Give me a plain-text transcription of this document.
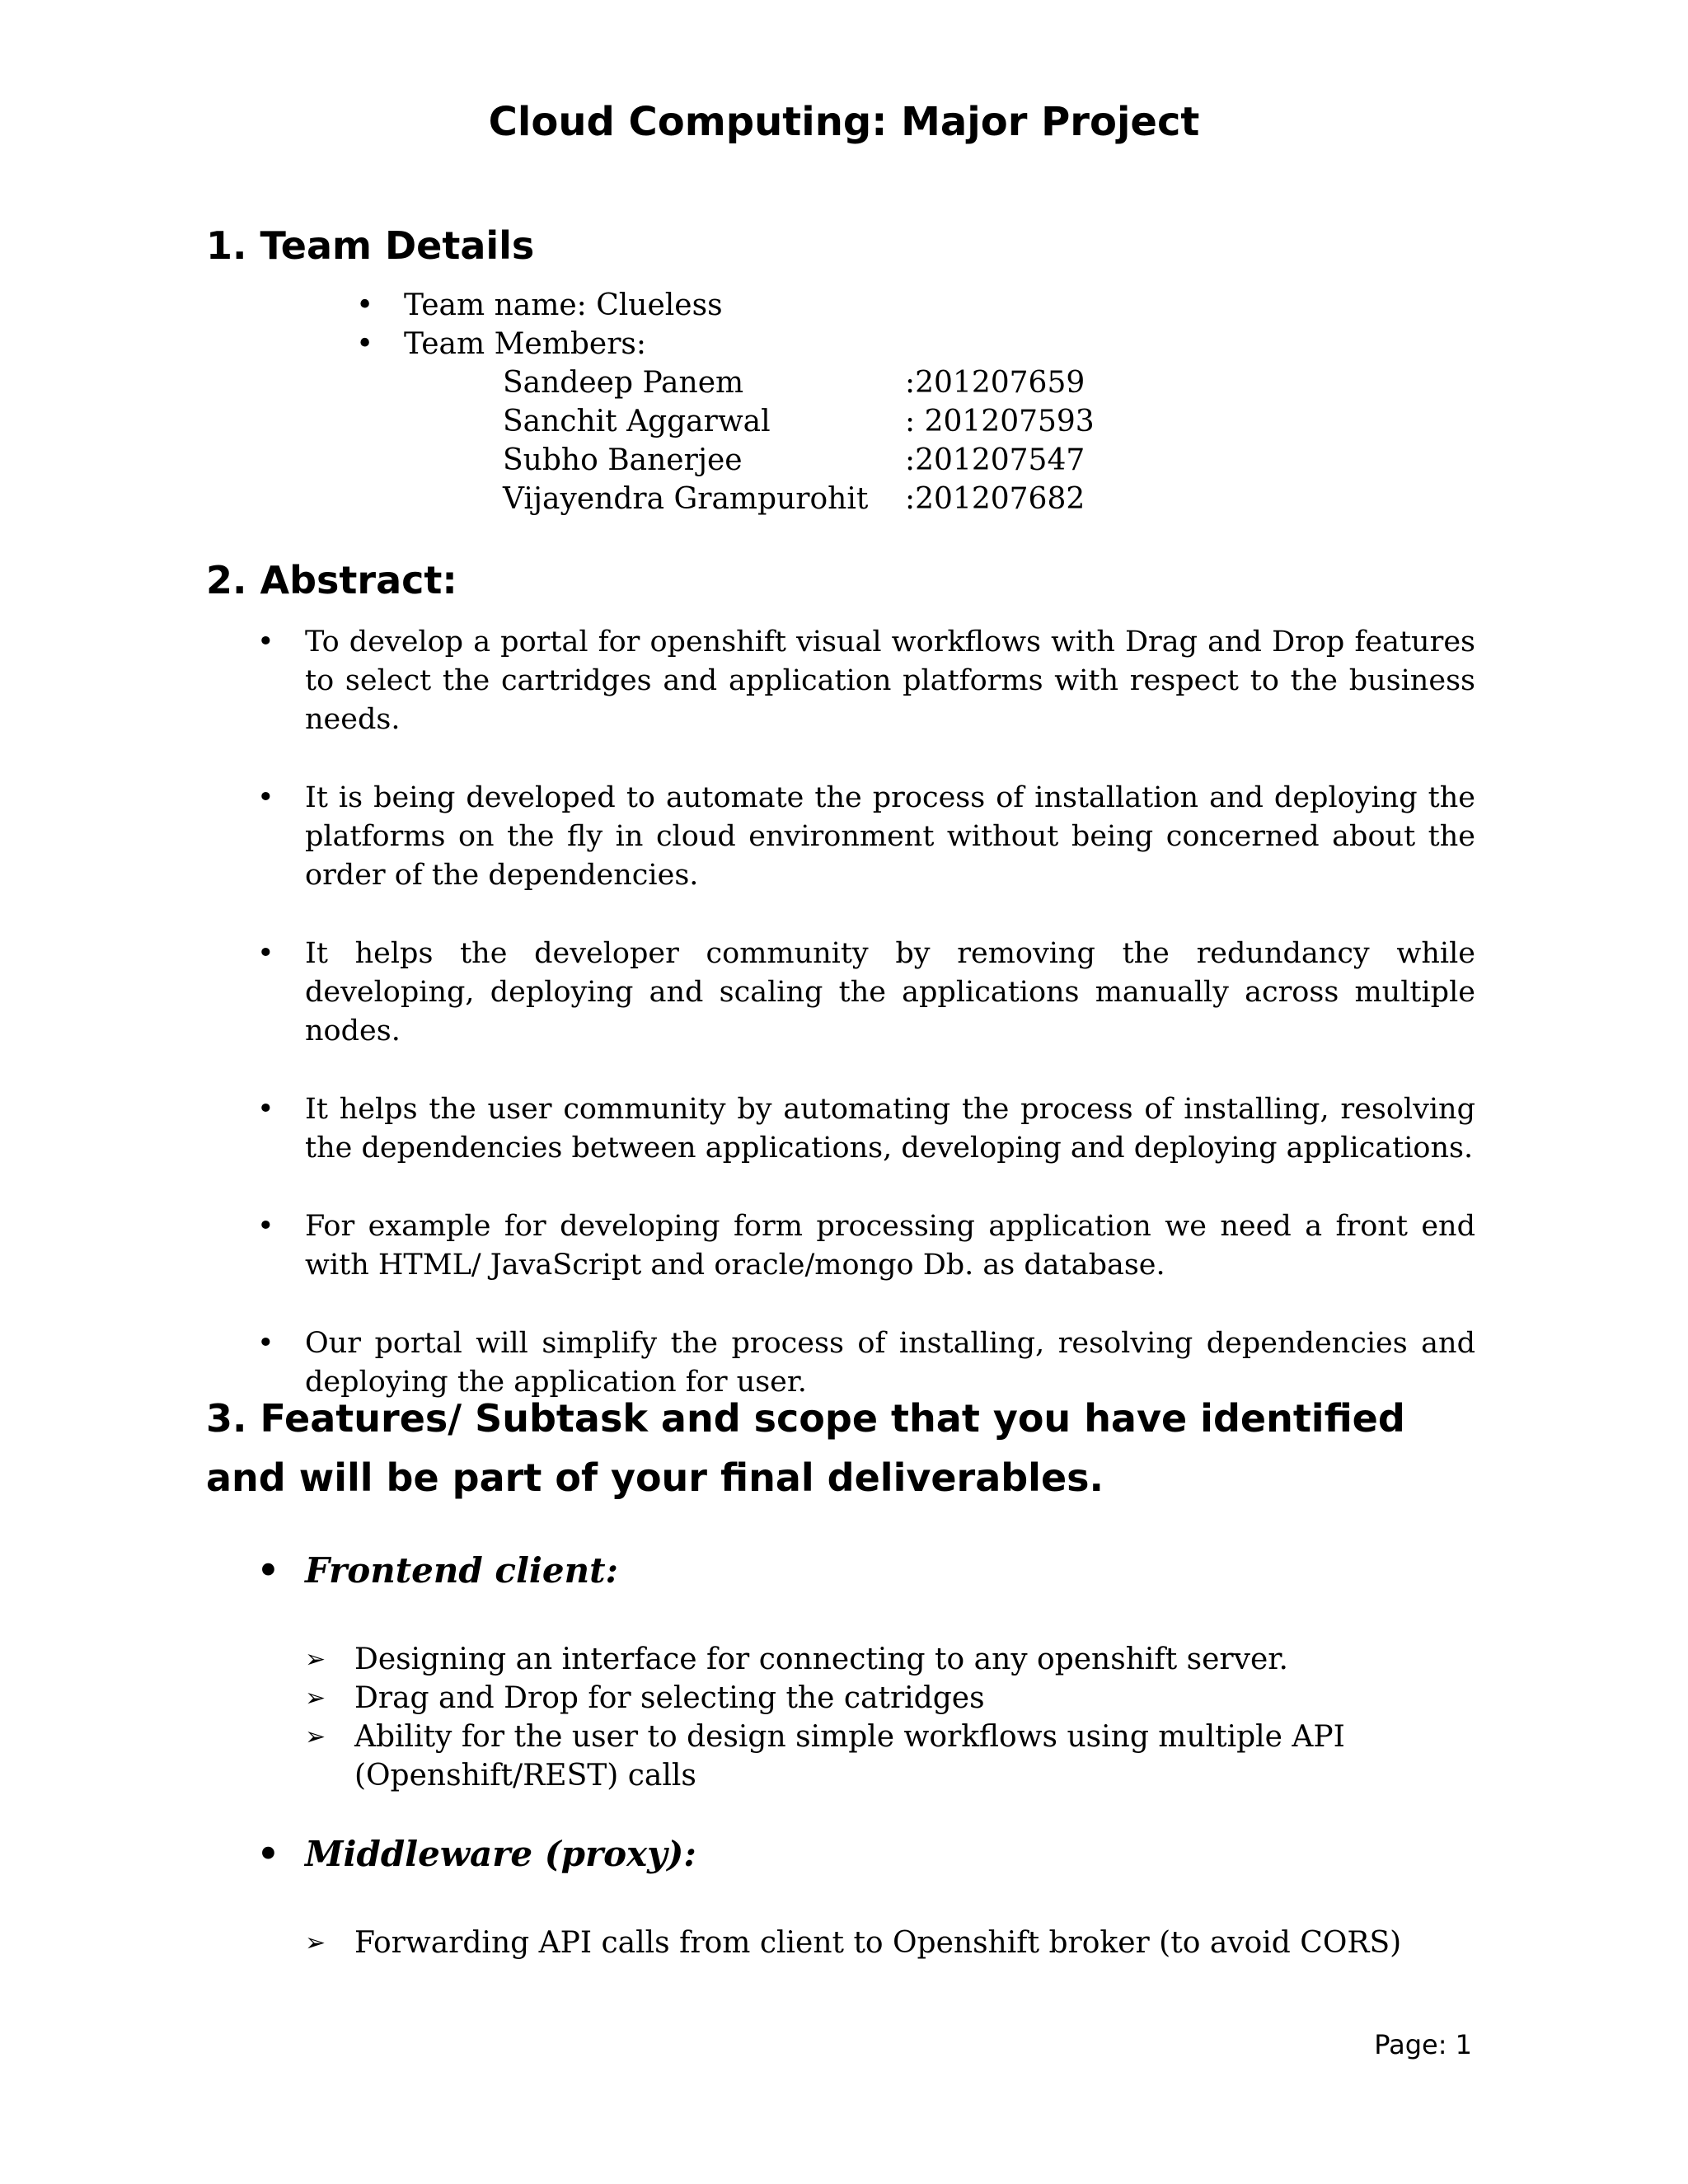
Cloud Computing: Major Project
1. Team Details
• Team name: Clueless
• Team Members:
Sandeep Panem	:201207659
Sanchit Aggarwal	: 201207593
Subho Banerjee	:201207547
Vijayendra Grampurohit :201207682
2. Abstract:
• To develop a portal for openshift visual workflows with Drag and Drop features to select the cartridges and application platforms with respect to the business needs.
• It is being developed to automate the process of installation and deploying the platforms on the fly in cloud environment without being concerned about the order of the dependencies.
• It helps the developer community by removing the redundancy while developing, deploying and scaling the applications manually across multiple nodes.
• It helps the user community by automating the process of installing, resolving the dependencies between applications, developing and deploying applications.
• For example for developing form processing application we need a front end with HTML/ JavaScript and oracle/mongo Db. as database.
• Our portal will simplify the process of installing, resolving dependencies and deploying the application for user.
3. Features/ Subtask and scope that you have identified and will be part of your final deliverables.
• Frontend client:
➢ Designing an interface for connecting to any openshift server.
➢ Drag and Drop for selecting the catridges
➢ Ability for the user to design simple workflows using multiple API (Openshift/REST) calls
• Middleware (proxy):
➢ Forwarding API calls from client to Openshift broker (to avoid CORS)
Page: 1
